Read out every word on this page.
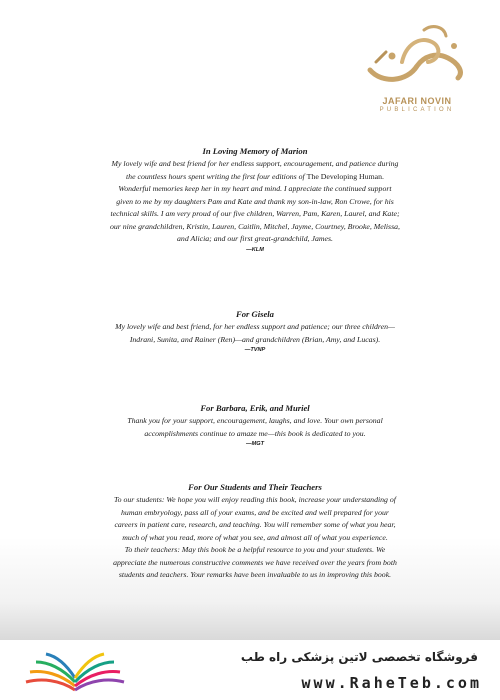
JAFARI NOVIN
PUBLICATION
In Loving Memory of Marion
My lovely wife and best friend for her endless support, encouragement, and patience during the countless hours spent writing the first four editions of The Developing Human. Wonderful memories keep her in my heart and mind. I appreciate the continued support given to me by my daughters Pam and Kate and thank my son-in-law, Ron Crowe, for his technical skills. I am very proud of our five children, Warren, Pam, Karen, Laurel, and Kate; our nine grandchildren, Kristin, Lauren, Caitlin, Mitchel, Jayme, Courtney, Brooke, Melissa, and Alicia; and our first great-grandchild, James.
—KLM
For Gisela
My lovely wife and best friend, for her endless support and patience; our three children—Indrani, Sunita, and Rainer (Ren)—and grandchildren (Brian, Amy, and Lucas).
—TVNP
For Barbara, Erik, and Muriel
Thank you for your support, encouragement, laughs, and love. Your own personal accomplishments continue to amaze me—this book is dedicated to you.
—MGT
For Our Students and Their Teachers
To our students: We hope you will enjoy reading this book, increase your understanding of human embryology, pass all of your exams, and be excited and well prepared for your careers in patient care, research, and teaching. You will remember some of what you hear, much of what you read, more of what you see, and almost all of what you experience.
To their teachers: May this book be a helpful resource to you and your students. We appreciate the numerous constructive comments we have received over the years from both students and teachers. Your remarks have been invaluable to us in improving this book.
فروشگاه تخصصی لاتین پزشکی راه طب
www.RaheTeb.com
